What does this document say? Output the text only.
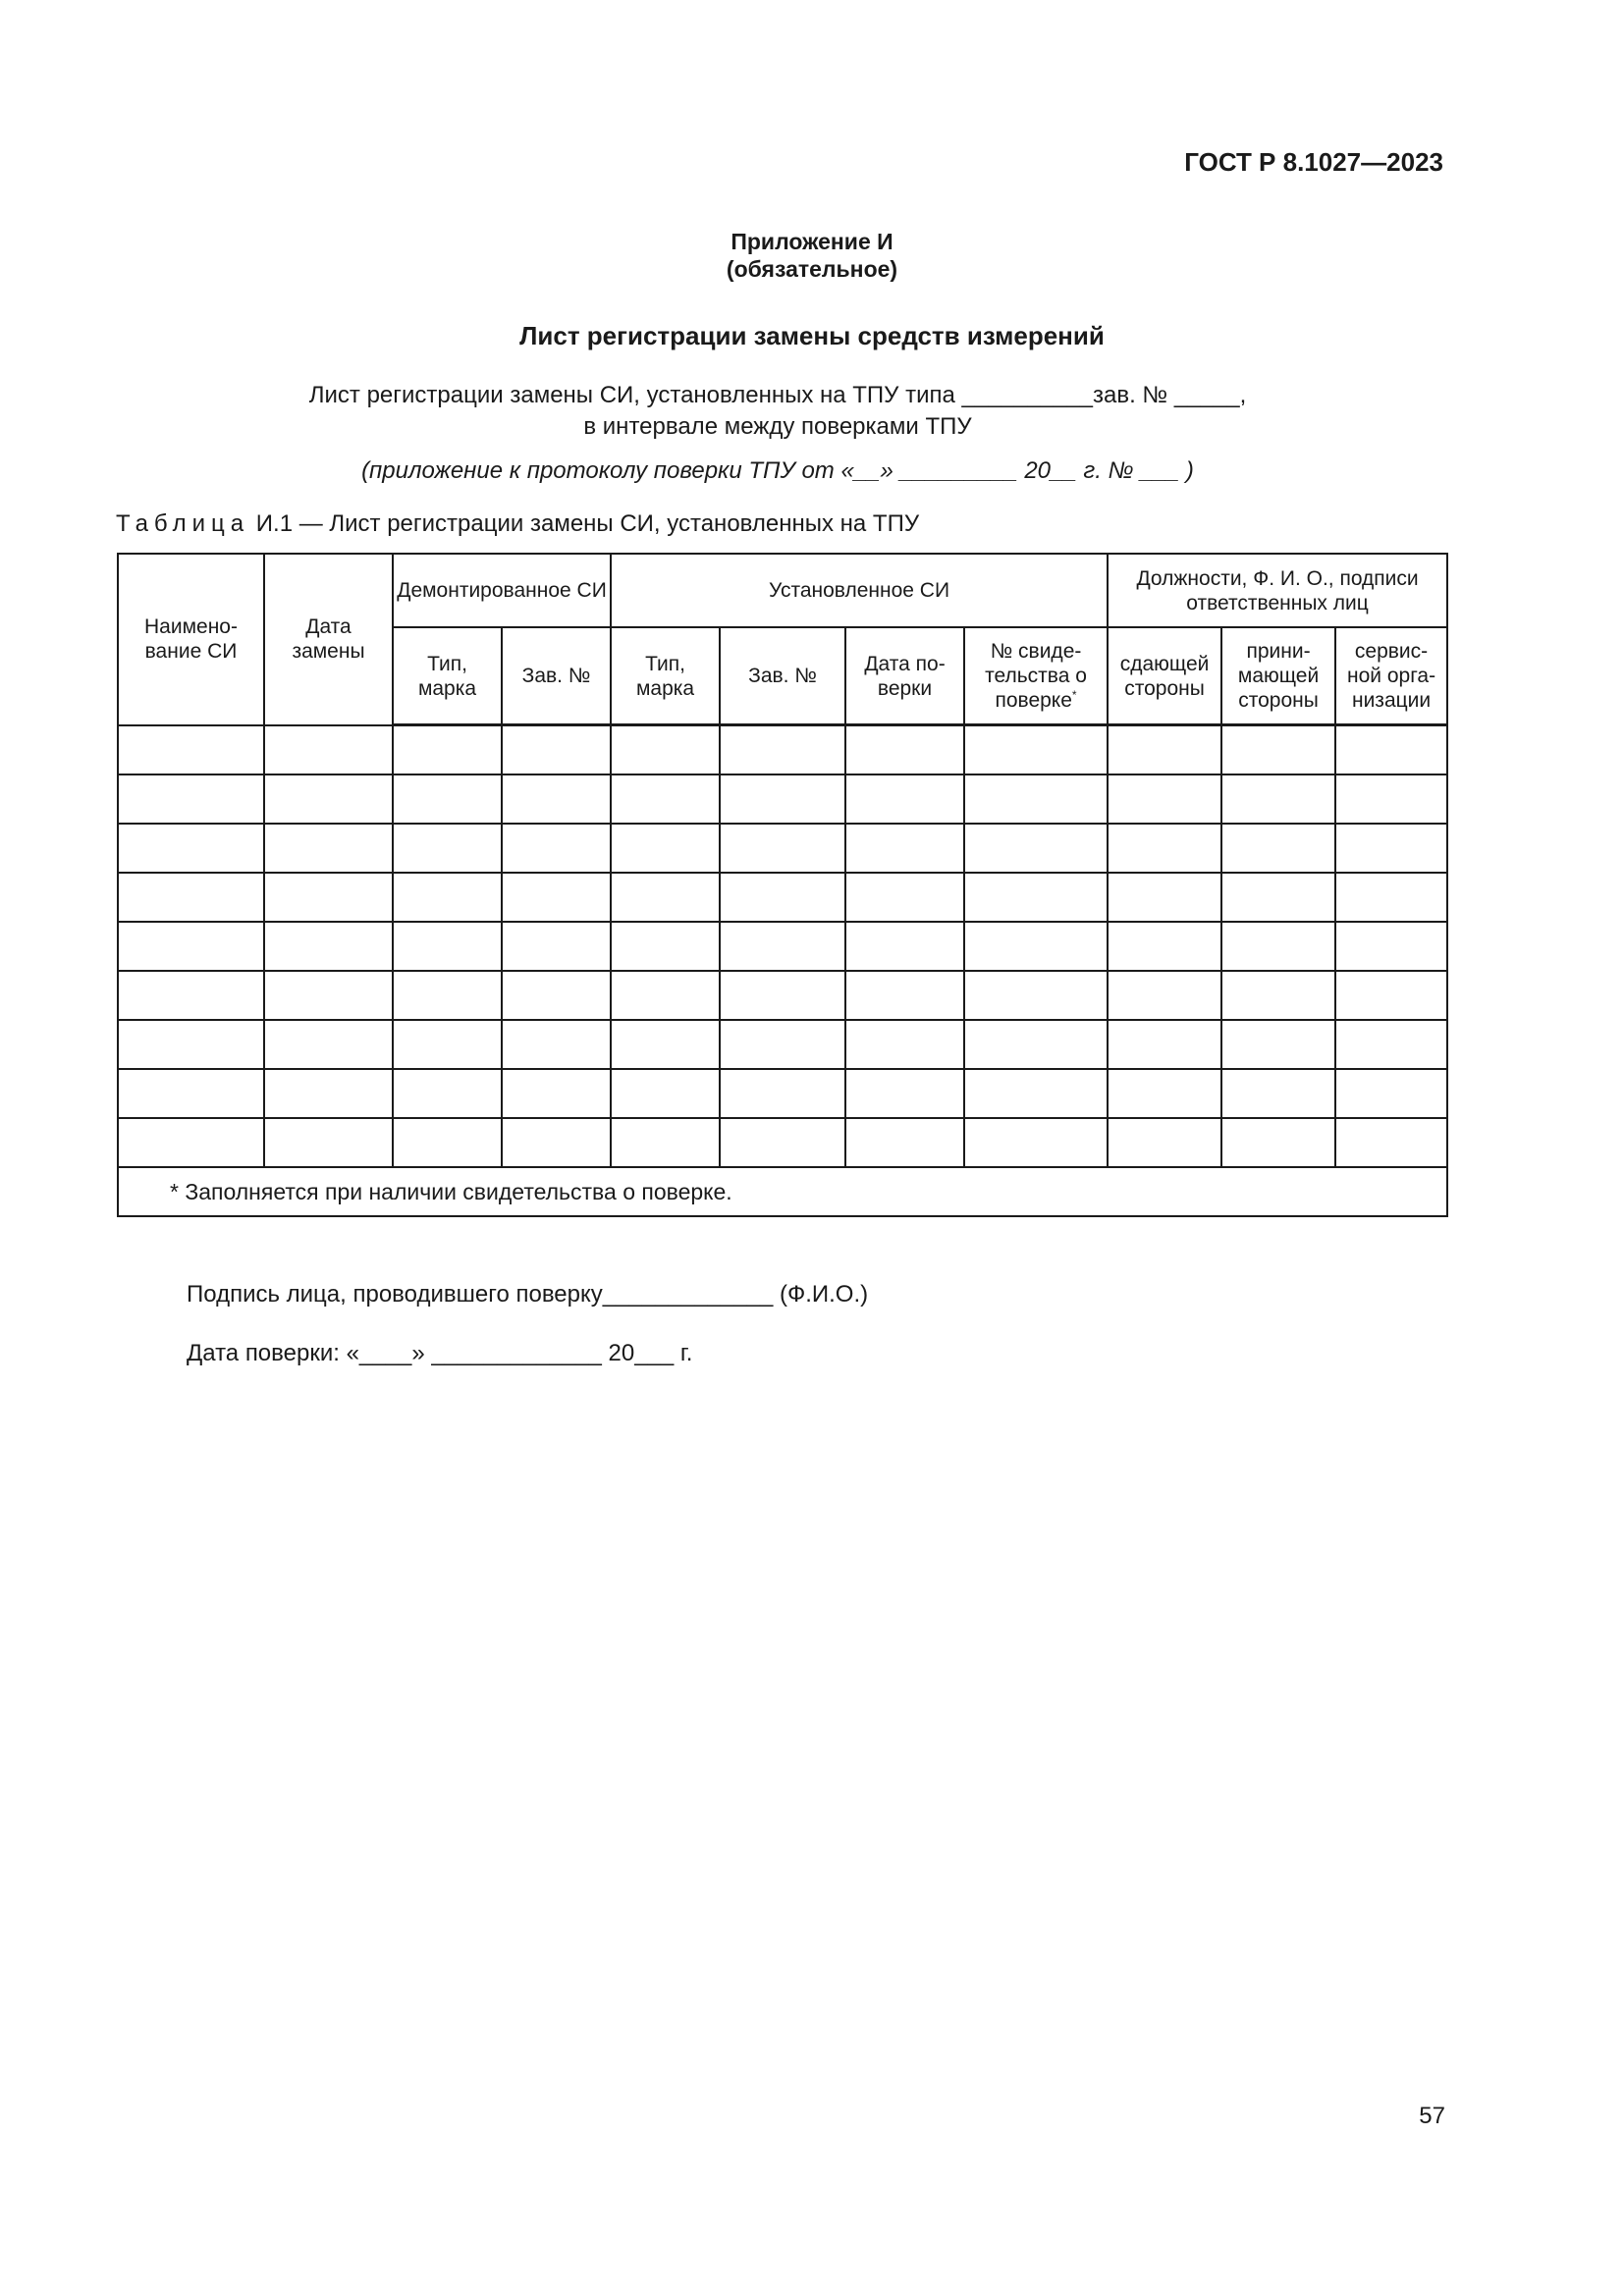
ГОСТ Р 8.1027—2023
Приложение И
(обязательное)
Лист регистрации замены средств измерений
Лист регистрации замены СИ, установленных на ТПУ типа __________зав. № _____,
в интервале между поверками ТПУ
(приложение к протоколу поверки ТПУ от «__» _________ 20__ г. № ___ )
Таблица И.1 — Лист регистрации замены СИ, установленных на ТПУ
Наимено-вание СИ	Дата замены	Демонтированное СИ		Установленное СИ				Должности, Ф. И. О., подписи ответственных лиц		
		Тип, марка	Зав. №	Тип, марка	Зав. №	Дата по-верки	№ свиде-тельства о поверке*	сдающей стороны	прини-мающей стороны	сервис-ной орга-низации

* Заполняется при наличии свидетельства о поверке.										
Подпись лица, проводившего поверку_____________ (Ф.И.О.)
Дата поверки: «____» _____________ 20___ г.
57
